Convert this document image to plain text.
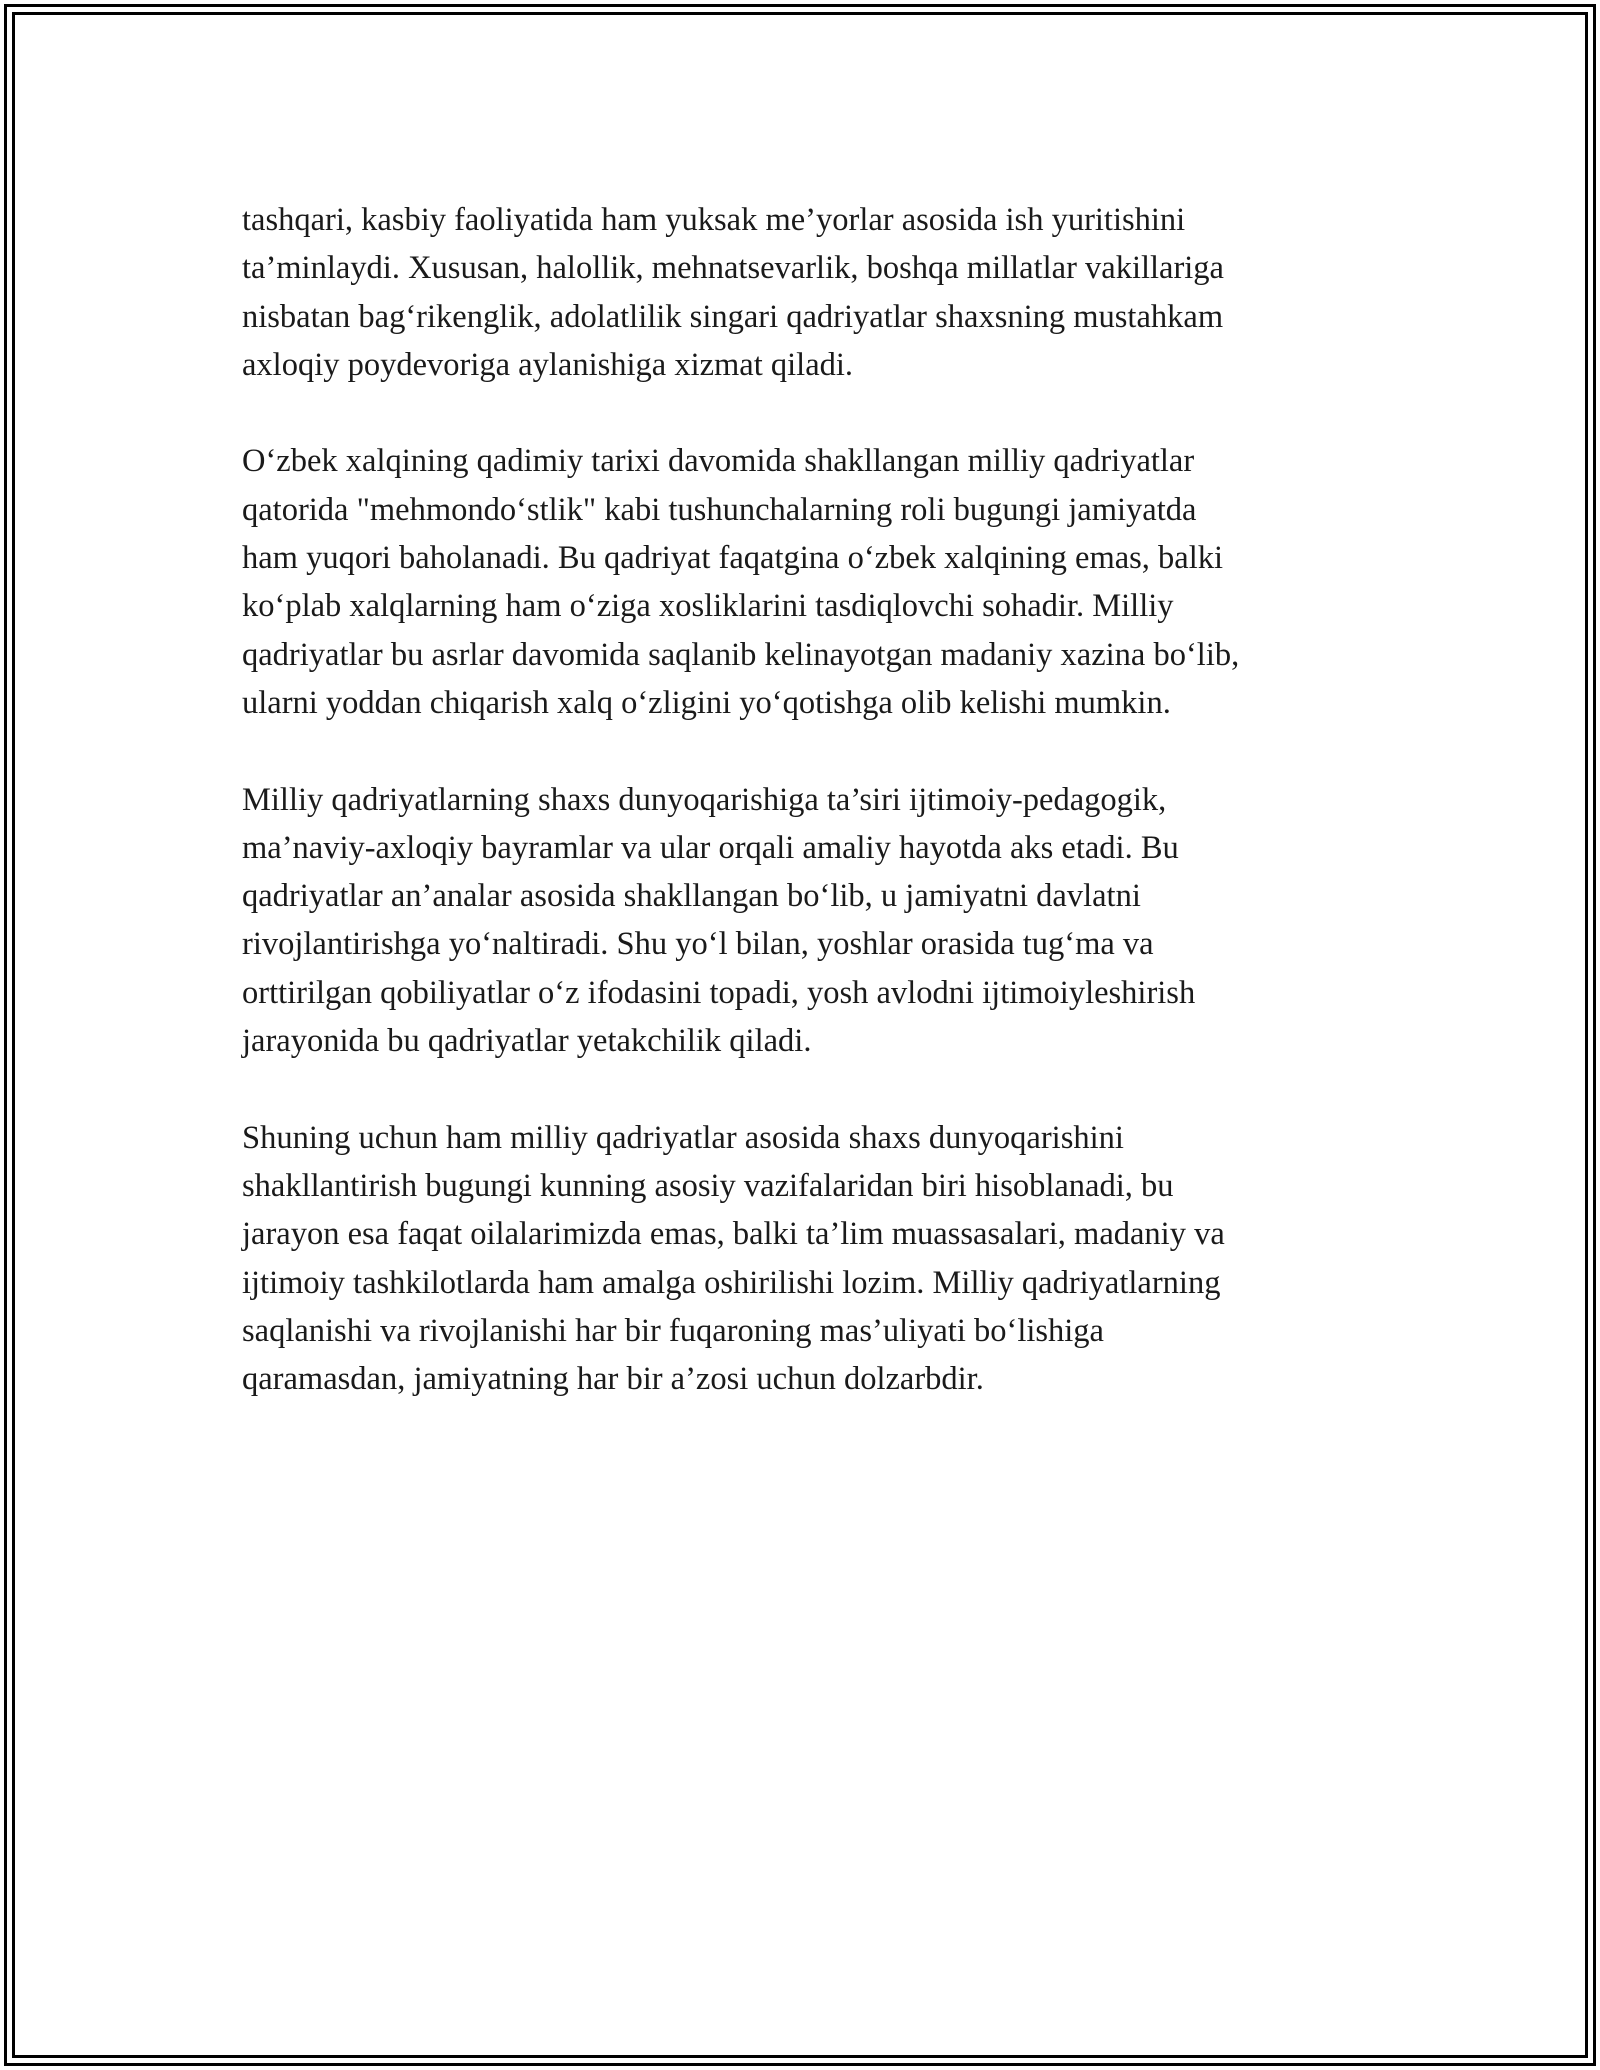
tashqari, kasbiy faoliyatida ham yuksak me’yorlar asosida ish yuritishini
ta’minlaydi. Xususan, halollik, mehnatsevarlik, boshqa millatlar vakillariga
nisbatan bag‘rikenglik, adolatlilik singari qadriyatlar shaxsning mustahkam
axloqiy poydevoriga aylanishiga xizmat qiladi.

O‘zbek xalqining qadimiy tarixi davomida shakllangan milliy qadriyatlar
qatorida "mehmondo‘stlik" kabi tushunchalarning roli bugungi jamiyatda
ham yuqori baholanadi. Bu qadriyat faqatgina o‘zbek xalqining emas, balki
ko‘plab xalqlarning ham o‘ziga xosliklarini tasdiqlovchi sohadir. Milliy
qadriyatlar bu asrlar davomida saqlanib kelinayotgan madaniy xazina bo‘lib,
ularni yoddan chiqarish xalq o‘zligini yo‘qotishga olib kelishi mumkin.

Milliy qadriyatlarning shaxs dunyoqarishiga ta’siri ijtimoiy-pedagogik,
ma’naviy-axloqiy bayramlar va ular orqali amaliy hayotda aks etadi. Bu
qadriyatlar an’analar asosida shakllangan bo‘lib, u jamiyatni davlatni
rivojlantirishga yo‘naltiradi. Shu yo‘l bilan, yoshlar orasida tug‘ma va
orttirilgan qobiliyatlar o‘z ifodasini topadi, yosh avlodni ijtimoiyleshirish
jarayonida bu qadriyatlar yetakchilik qiladi.

Shuning uchun ham milliy qadriyatlar asosida shaxs dunyoqarishini
shakllantirish bugungi kunning asosiy vazifalaridan biri hisoblanadi, bu
jarayon esa faqat oilalarimizda emas, balki ta’lim muassasalari, madaniy va
ijtimoiy tashkilotlarda ham amalga oshirilishi lozim. Milliy qadriyatlarning
saqlanishi va rivojlanishi har bir fuqaroning mas’uliyati bo‘lishiga
qaramasdan, jamiyatning har bir a’zosi uchun dolzarbdir.
